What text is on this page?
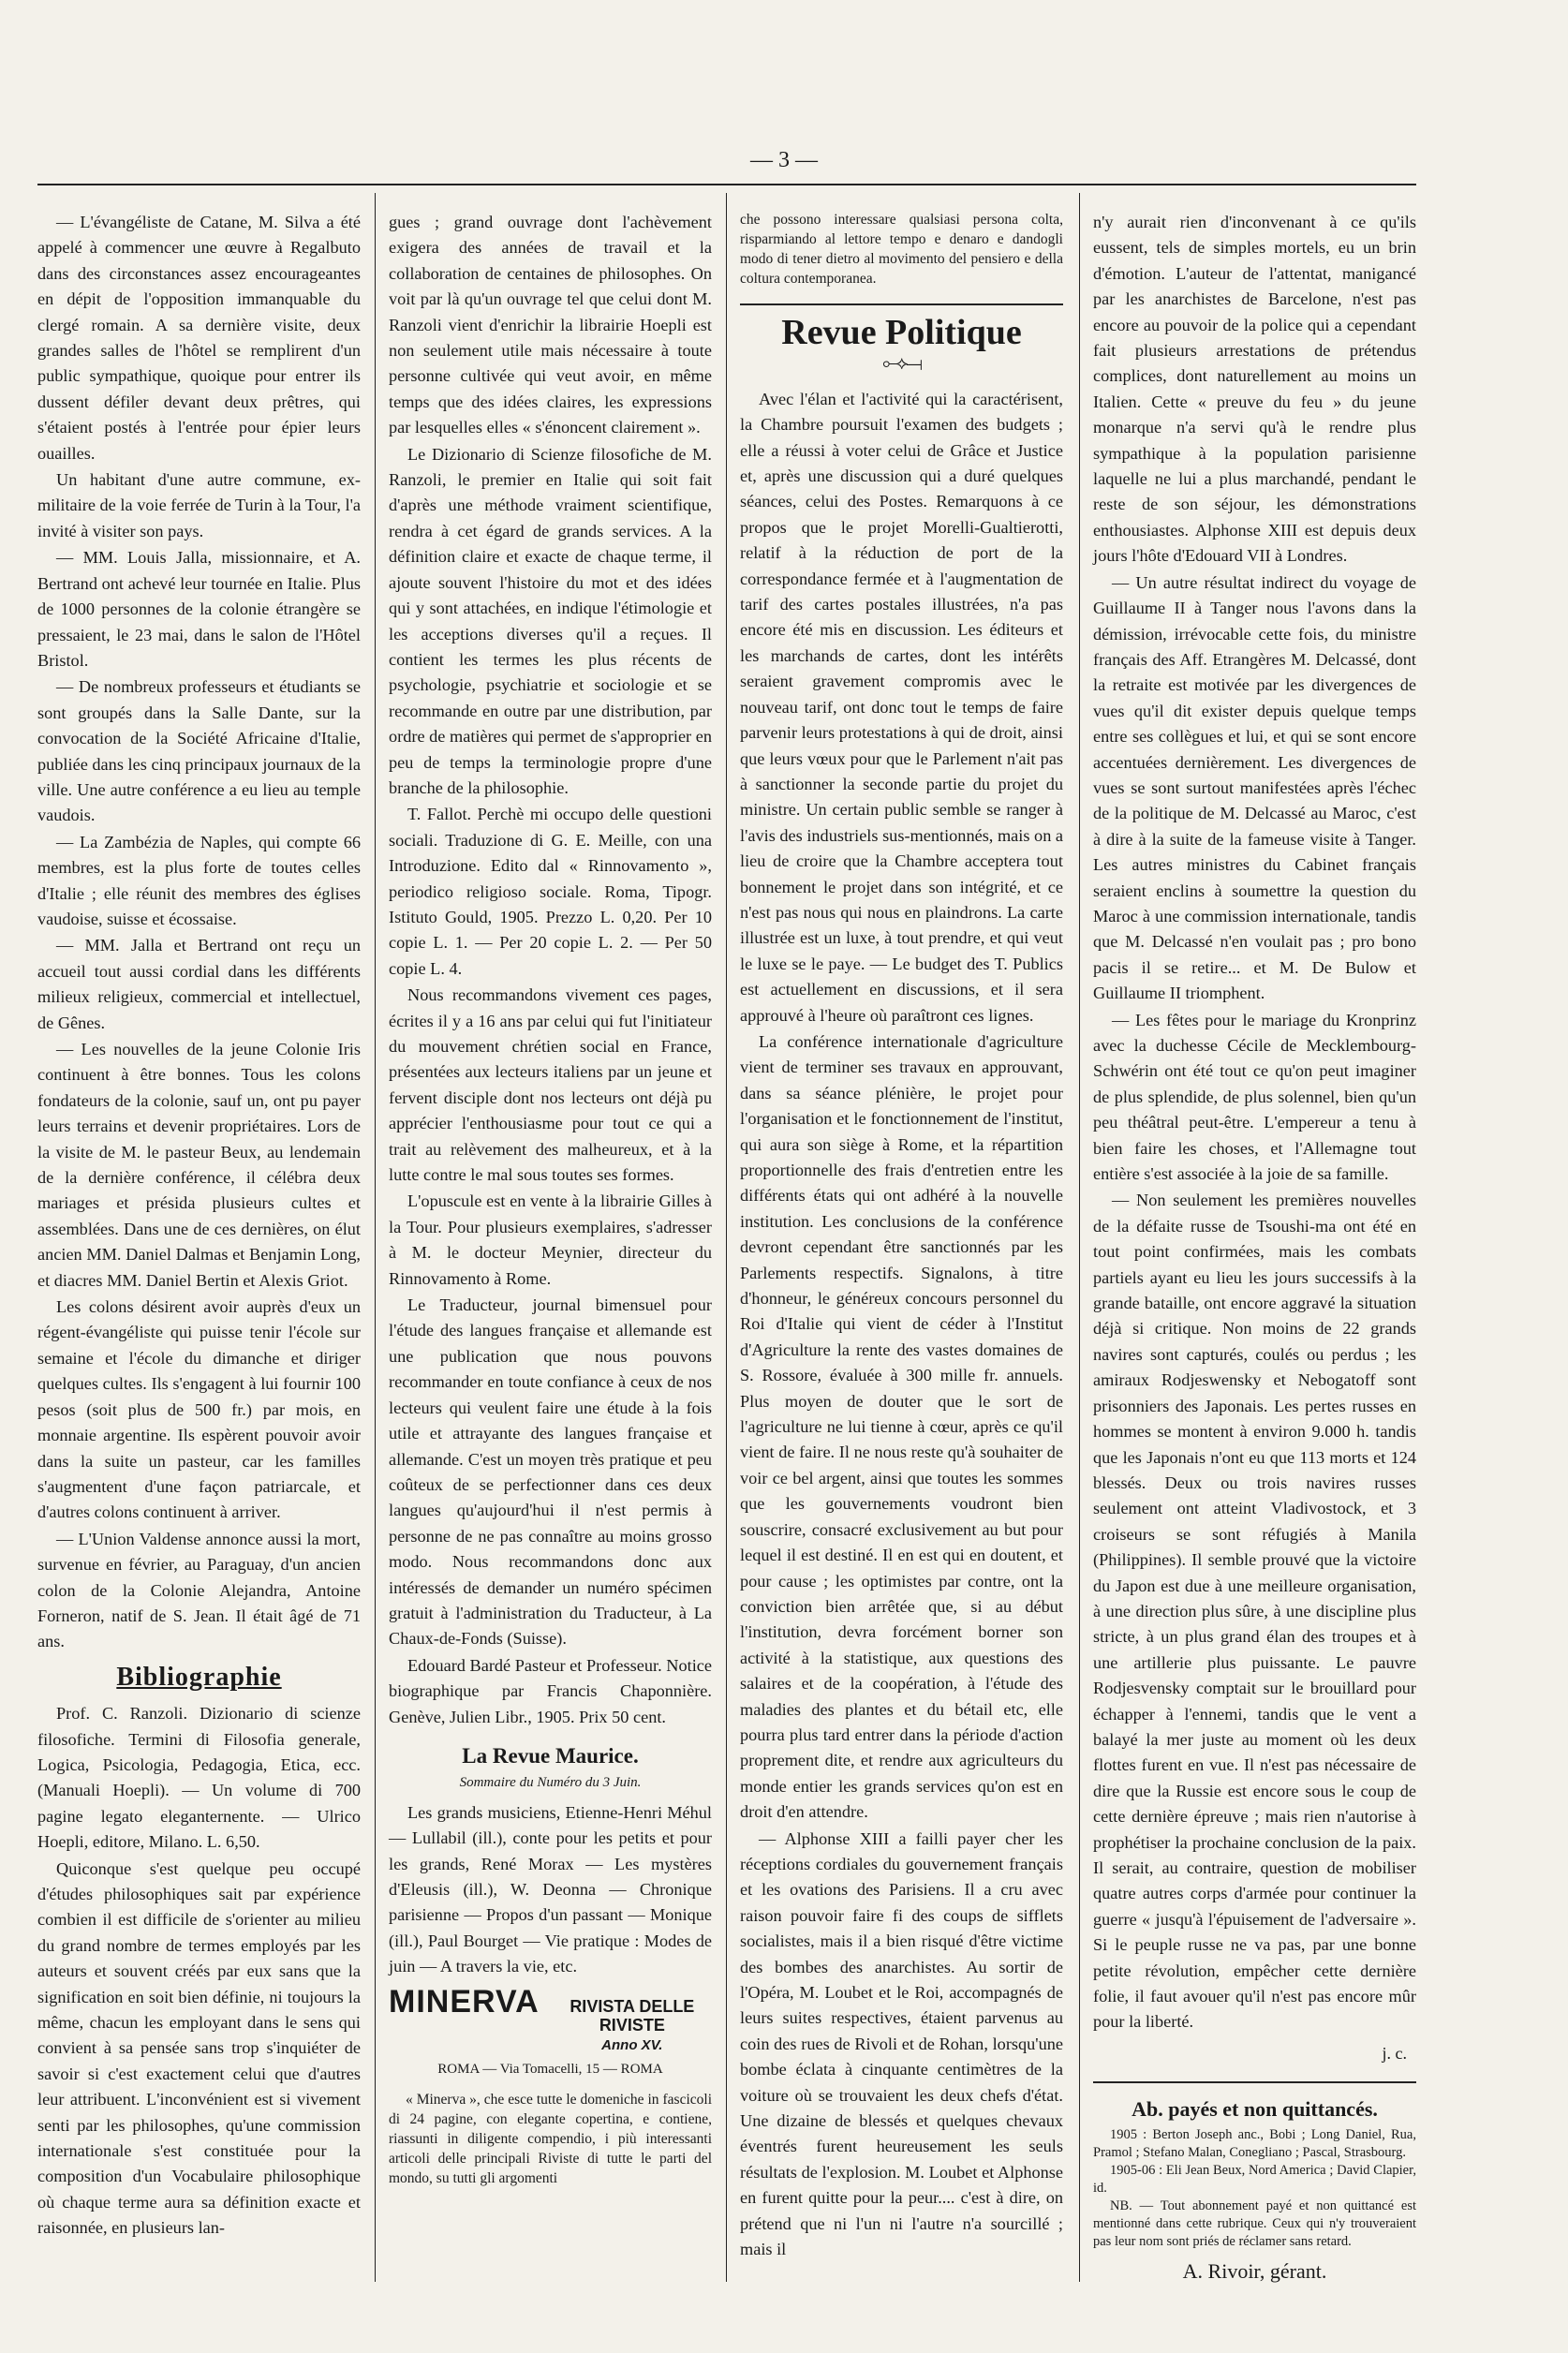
— 3 —

— L'évangéliste de Catane, M. Silva a été appelé à commencer une œuvre à Regalbuto dans des circonstances assez encourageantes en dépit de l'opposition immanquable du clergé romain. A sa dernière visite, deux grandes salles de l'hôtel se remplirent d'un public sympathique, quoique pour entrer ils dussent défiler devant deux prêtres, qui s'étaient postés à l'entrée pour épier leurs ouailles.

Un habitant d'une autre commune, ex-militaire de la voie ferrée de Turin à la Tour, l'a invité à visiter son pays.

— MM. Louis Jalla, missionnaire, et A. Bertrand ont achevé leur tournée en Italie. Plus de 1000 personnes de la colonie étrangère se pressaient, le 23 mai, dans le salon de l'Hôtel Bristol.

— De nombreux professeurs et étudiants se sont groupés dans la Salle Dante, sur la convocation de la Société Africaine d'Italie, publiée dans les cinq principaux journaux de la ville. Une autre conférence a eu lieu au temple vaudois.

— La Zambézia de Naples, qui compte 66 membres, est la plus forte de toutes celles d'Italie ; elle réunit des membres des églises vaudoise, suisse et écossaise.

— MM. Jalla et Bertrand ont reçu un accueil tout aussi cordial dans les différents milieux religieux, commercial et intellectuel, de Gênes.

— Les nouvelles de la jeune Colonie Iris continuent à être bonnes. Tous les colons fondateurs de la colonie, sauf un, ont pu payer leurs terrains et devenir propriétaires. Lors de la visite de M. le pasteur Beux, au lendemain de la dernière conférence, il célébra deux mariages et présida plusieurs cultes et assemblées. Dans une de ces dernières, on élut ancien MM. Daniel Dalmas et Benjamin Long, et diacres MM. Daniel Bertin et Alexis Griot.

Les colons désirent avoir auprès d'eux un régent-évangéliste qui puisse tenir l'école sur semaine et l'école du dimanche et diriger quelques cultes. Ils s'engagent à lui fournir 100 pesos (soit plus de 500 fr.) par mois, en monnaie argentine. Ils espèrent pouvoir avoir dans la suite un pasteur, car les familles s'augmentent d'une façon patriarcale, et d'autres colons continuent à arriver.

— L'Union Valdense annonce aussi la mort, survenue en février, au Paraguay, d'un ancien colon de la Colonie Alejandra, Antoine Forneron, natif de S. Jean. Il était âgé de 71 ans.

Bibliographie

Prof. C. Ranzoli. Dizionario di scienze filosofiche. Termini di Filosofia generale, Logica, Psicologia, Pedagogia, Etica, ecc. (Manuali Hoepli). — Un volume di 700 pagine legato eleganternente. — Ulrico Hoepli, editore, Milano. L. 6,50.

Quiconque s'est quelque peu occupé d'études philosophiques sait par expérience combien il est difficile de s'orienter au milieu du grand nombre de termes employés par les auteurs et souvent créés par eux sans que la signification en soit bien définie, ni toujours la même, chacun les employant dans le sens qui convient à sa pensée sans trop s'inquiéter de savoir si c'est exactement celui que d'autres leur attribuent. L'inconvénient est si vivement senti par les philosophes, qu'une commission internationale s'est constituée pour la composition d'un Vocabulaire philosophique où chaque terme aura sa définition exacte et raisonnée, en plusieurs lan-

gues ; grand ouvrage dont l'achèvement exigera des années de travail et la collaboration de centaines de philosophes. On voit par là qu'un ouvrage tel que celui dont M. Ranzoli vient d'enrichir la librairie Hoepli est non seulement utile mais nécessaire à toute personne cultivée qui veut avoir, en même temps que des idées claires, les expressions par lesquelles elles « s'énoncent clairement ».

Le Dizionario di Scienze filosofiche de M. Ranzoli, le premier en Italie qui soit fait d'après une méthode vraiment scientifique, rendra à cet égard de grands services. A la définition claire et exacte de chaque terme, il ajoute souvent l'histoire du mot et des idées qui y sont attachées, en indique l'étimologie et les acceptions diverses qu'il a reçues. Il contient les termes les plus récents de psychologie, psychiatrie et sociologie et se recommande en outre par une distribution, par ordre de matières qui permet de s'approprier en peu de temps la terminologie propre d'une branche de la philosophie.

T. Fallot. Perchè mi occupo delle questioni sociali. Traduzione di G. E. Meille, con una Introduzione. Edito dal « Rinnovamento », periodico religioso sociale. Roma, Tipogr. Istituto Gould, 1905. Prezzo L. 0,20. Per 10 copie L. 1. — Per 20 copie L. 2. — Per 50 copie L. 4.

Nous recommandons vivement ces pages, écrites il y a 16 ans par celui qui fut l'initiateur du mouvement chrétien social en France, présentées aux lecteurs italiens par un jeune et fervent disciple dont nos lecteurs ont déjà pu apprécier l'enthousiasme pour tout ce qui a trait au relèvement des malheureux, et à la lutte contre le mal sous toutes ses formes.

L'opuscule est en vente à la librairie Gilles à la Tour. Pour plusieurs exemplaires, s'adresser à M. le docteur Meynier, directeur du Rinnovamento à Rome.

Le Traducteur, journal bimensuel pour l'étude des langues française et allemande est une publication que nous pouvons recommander en toute confiance à ceux de nos lecteurs qui veulent faire une étude à la fois utile et attrayante des langues française et allemande. C'est un moyen très pratique et peu coûteux de se perfectionner dans ces deux langues qu'aujourd'hui il n'est permis à personne de ne pas connaître au moins grosso modo. Nous recommandons donc aux intéressés de demander un numéro spécimen gratuit à l'administration du Traducteur, à La Chaux-de-Fonds (Suisse).

Edouard Bardé Pasteur et Professeur. Notice biographique par Francis Chaponnière. Genève, Julien Libr., 1905. Prix 50 cent.

La Revue Maurice.
Sommaire du Numéro du 3 Juin.

Les grands musiciens, Etienne-Henri Méhul — Lullabil (ill.), conte pour les petits et pour les grands, René Morax — Les mystères d'Eleusis (ill.), W. Deonna — Chronique parisienne — Propos d'un passant — Monique (ill.), Paul Bourget — Vie pratique : Modes de juin — A travers la vie, etc.

MINERVA	RIVISTA DELLE RIVISTE
Anno XV.
ROMA — Via Tomacelli, 15 — ROMA

« Minerva », che esce tutte le domeniche in fascicoli di 24 pagine, con elegante copertina, e contiene, riassunti in diligente compendio, i più interessanti articoli delle principali Riviste di tutte le parti del mondo, su tutti gli argomenti

che possono interessare qualsiasi persona colta, risparmiando al lettore tempo e denaro e dandogli modo di tener dietro al movimento del pensiero e della coltura contemporanea.

Revue Politique
⟜⟡⟞

Avec l'élan et l'activité qui la caractérisent, la Chambre poursuit l'examen des budgets ; elle a réussi à voter celui de Grâce et Justice et, après une discussion qui a duré quelques séances, celui des Postes. Remarquons à ce propos que le projet Morelli-Gualtierotti, relatif à la réduction de port de la correspondance fermée et à l'augmentation de tarif des cartes postales illustrées, n'a pas encore été mis en discussion. Les éditeurs et les marchands de cartes, dont les intérêts seraient gravement compromis avec le nouveau tarif, ont donc tout le temps de faire parvenir leurs protestations à qui de droit, ainsi que leurs vœux pour que le Parlement n'ait pas à sanctionner la seconde partie du projet du ministre. Un certain public semble se ranger à l'avis des industriels sus-mentionnés, mais on a lieu de croire que la Chambre acceptera tout bonnement le projet dans son intégrité, et ce n'est pas nous qui nous en plaindrons. La carte illustrée est un luxe, à tout prendre, et qui veut le luxe se le paye. — Le budget des T. Publics est actuellement en discussions, et il sera approuvé à l'heure où paraîtront ces lignes.

La conférence internationale d'agriculture vient de terminer ses travaux en approuvant, dans sa séance plénière, le projet pour l'organisation et le fonctionnement de l'institut, qui aura son siège à Rome, et la répartition proportionnelle des frais d'entretien entre les différents états qui ont adhéré à la nouvelle institution. Les conclusions de la conférence devront cependant être sanctionnés par les Parlements respectifs. Signalons, à titre d'honneur, le généreux concours personnel du Roi d'Italie qui vient de céder à l'Institut d'Agriculture la rente des vastes domaines de S. Rossore, évaluée à 300 mille fr. annuels. Plus moyen de douter que le sort de l'agriculture ne lui tienne à cœur, après ce qu'il vient de faire. Il ne nous reste qu'à souhaiter de voir ce bel argent, ainsi que toutes les sommes que les gouvernements voudront bien souscrire, consacré exclusivement au but pour lequel il est destiné. Il en est qui en doutent, et pour cause ; les optimistes par contre, ont la conviction bien arrêtée que, si au début l'institution, devra forcément borner son activité à la statistique, aux questions des salaires et de la coopération, à l'étude des maladies des plantes et du bétail etc, elle pourra plus tard entrer dans la période d'action proprement dite, et rendre aux agriculteurs du monde entier les grands services qu'on est en droit d'en attendre.

— Alphonse XIII a failli payer cher les réceptions cordiales du gouvernement français et les ovations des Parisiens. Il a cru avec raison pouvoir faire fi des coups de sifflets socialistes, mais il a bien risqué d'être victime des bombes des anarchistes. Au sortir de l'Opéra, M. Loubet et le Roi, accompagnés de leurs suites respectives, étaient parvenus au coin des rues de Rivoli et de Rohan, lorsqu'une bombe éclata à cinquante centimètres de la voiture où se trouvaient les deux chefs d'état. Une dizaine de blessés et quelques chevaux éventrés furent heureusement les seuls résultats de l'explosion. M. Loubet et Alphonse en furent quitte pour la peur.... c'est à dire, on prétend que ni l'un ni l'autre n'a sourcillé ; mais il

n'y aurait rien d'inconvenant à ce qu'ils eussent, tels de simples mortels, eu un brin d'émotion. L'auteur de l'attentat, manigancé par les anarchistes de Barcelone, n'est pas encore au pouvoir de la police qui a cependant fait plusieurs arrestations de prétendus complices, dont naturellement au moins un Italien. Cette « preuve du feu » du jeune monarque n'a servi qu'à le rendre plus sympathique à la population parisienne laquelle ne lui a plus marchandé, pendant le reste de son séjour, les démonstrations enthousiastes. Alphonse XIII est depuis deux jours l'hôte d'Edouard VII à Londres.

— Un autre résultat indirect du voyage de Guillaume II à Tanger nous l'avons dans la démission, irrévocable cette fois, du ministre français des Aff. Etrangères M. Delcassé, dont la retraite est motivée par les divergences de vues qu'il dit exister depuis quelque temps entre ses collègues et lui, et qui se sont encore accentuées dernièrement. Les divergences de vues se sont surtout manifestées après l'échec de la politique de M. Delcassé au Maroc, c'est à dire à la suite de la fameuse visite à Tanger. Les autres ministres du Cabinet français seraient enclins à soumettre la question du Maroc à une commission internationale, tandis que M. Delcassé n'en voulait pas ; pro bono pacis il se retire... et M. De Bulow et Guillaume II triomphent.

— Les fêtes pour le mariage du Kronprinz avec la duchesse Cécile de Mecklembourg-Schwérin ont été tout ce qu'on peut imaginer de plus splendide, de plus solennel, bien qu'un peu théâtral peut-être. L'empereur a tenu à bien faire les choses, et l'Allemagne tout entière s'est associée à la joie de sa famille.

— Non seulement les premières nouvelles de la défaite russe de Tsoushi-ma ont été en tout point confirmées, mais les combats partiels ayant eu lieu les jours successifs à la grande bataille, ont encore aggravé la situation déjà si critique. Non moins de 22 grands navires sont capturés, coulés ou perdus ; les amiraux Rodjeswensky et Nebogatoff sont prisonniers des Japonais. Les pertes russes en hommes se montent à environ 9.000 h. tandis que les Japonais n'ont eu que 113 morts et 124 blessés. Deux ou trois navires russes seulement ont atteint Vladivostock, et 3 croiseurs se sont réfugiés à Manila (Philippines). Il semble prouvé que la victoire du Japon est due à une meilleure organisation, à une direction plus sûre, à une discipline plus stricte, à un plus grand élan des troupes et à une artillerie plus puissante. Le pauvre Rodjesvensky comptait sur le brouillard pour échapper à l'ennemi, tandis que le vent a balayé la mer juste au moment où les deux flottes furent en vue. Il n'est pas nécessaire de dire que la Russie est encore sous le coup de cette dernière épreuve ; mais rien n'autorise à prophétiser la prochaine conclusion de la paix. Il serait, au contraire, question de mobiliser quatre autres corps d'armée pour continuer la guerre « jusqu'à l'épuisement de l'adversaire ». Si le peuple russe ne va pas, par une bonne petite révolution, empêcher cette dernière folie, il faut avouer qu'il n'est pas encore mûr pour la liberté.

j. c.
Ab. payés et non quittancés.
1905 : Berton Joseph anc., Bobi ; Long Daniel, Rua, Pramol ; Stefano Malan, Conegliano ; Pascal, Strasbourg.
1905-06 : Eli Jean Beux, Nord America ; David Clapier, id.
NB. — Tout abonnement payé et non quittancé est mentionné dans cette rubrique. Ceux qui n'y trouveraient pas leur nom sont priés de réclamer sans retard.
A. Rivoir, gérant.
